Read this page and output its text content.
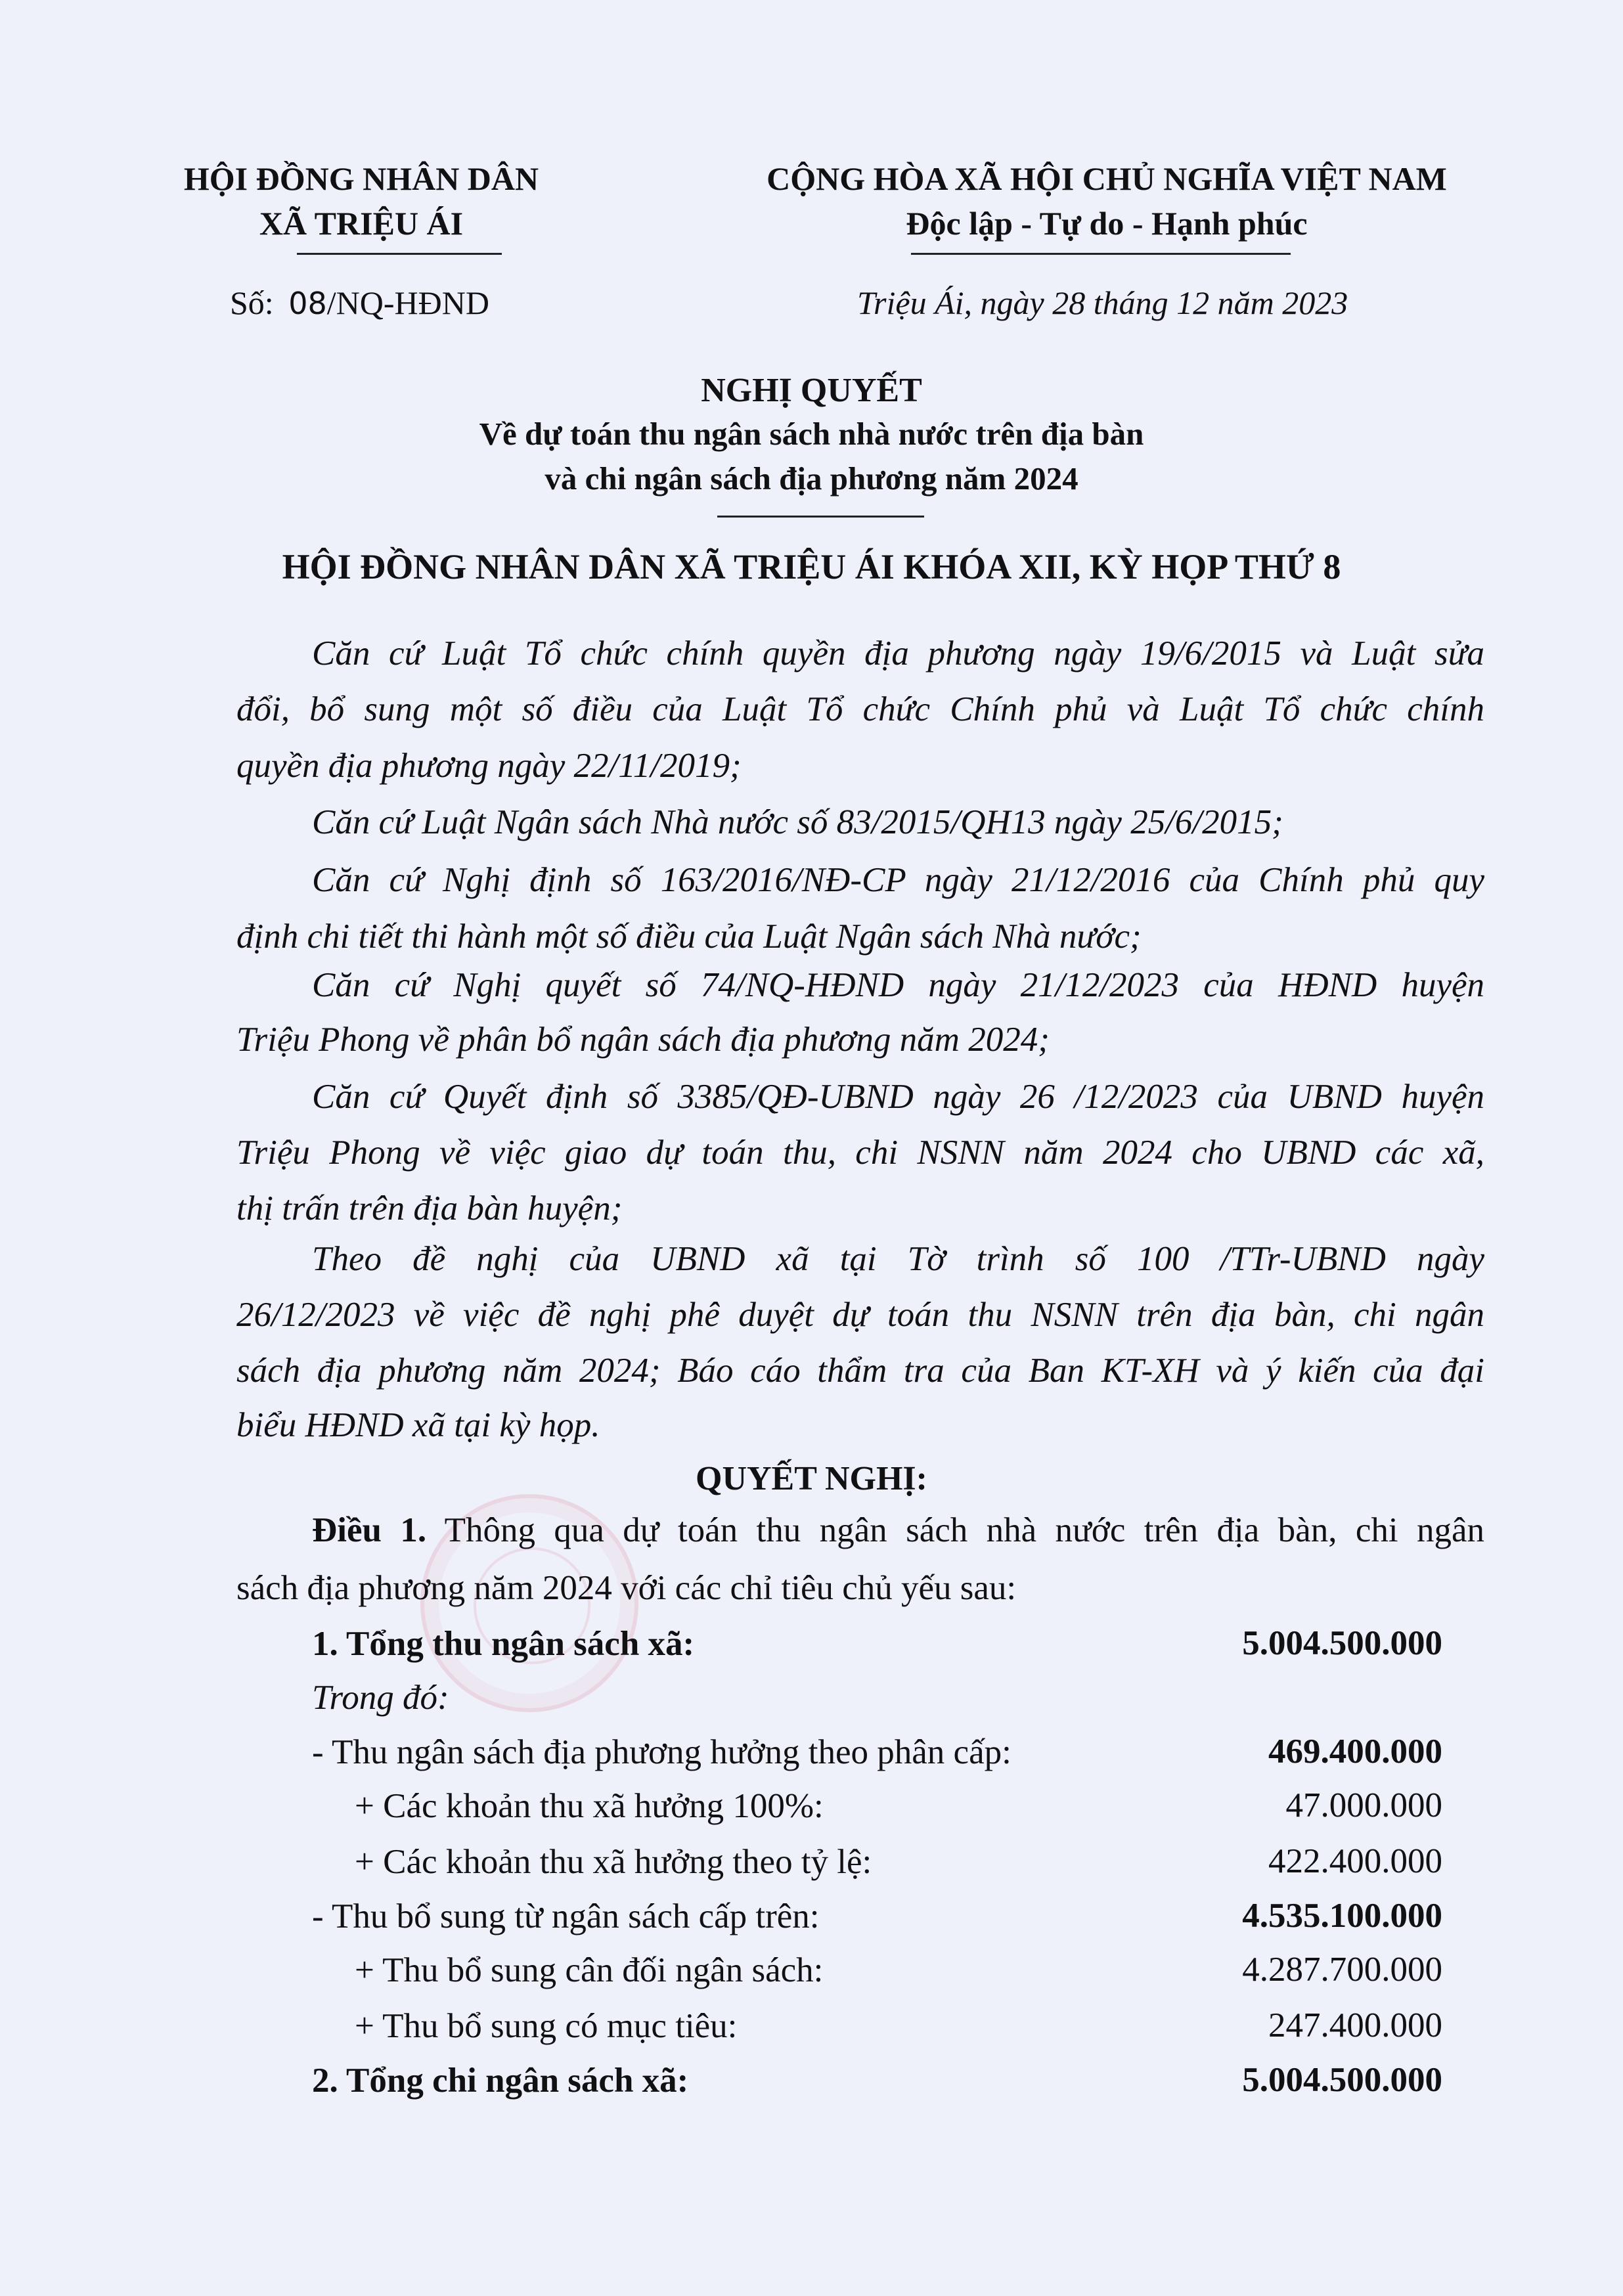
HỘI ĐỒNG NHÂN DÂN
XÃ TRIỆU ÁI
CỘNG HÒA XÃ HỘI CHỦ NGHĨA VIỆT NAM
Độc lập - Tự do - Hạnh phúc
Số: 08/NQ-HĐND	Triệu Ái, ngày 28 tháng 12 năm 2023
NGHỊ QUYẾT
Về dự toán thu ngân sách nhà nước trên địa bàn
và chi ngân sách địa phương năm 2024
HỘI ĐỒNG NHÂN DÂN XÃ TRIỆU ÁI KHÓA XII, KỲ HỌP THỨ 8
Căn cứ Luật Tổ chức chính quyền địa phương ngày 19/6/2015 và Luật sửa
đổi, bổ sung một số điều của Luật Tổ chức Chính phủ và Luật Tổ chức chính
quyền địa phương ngày 22/11/2019;
Căn cứ Luật Ngân sách Nhà nước số 83/2015/QH13 ngày 25/6/2015;
Căn cứ Nghị định số 163/2016/NĐ-CP ngày 21/12/2016 của Chính phủ quy
định chi tiết thi hành một số điều của Luật Ngân sách Nhà nước;
Căn cứ Nghị quyết số 74/NQ-HĐND ngày 21/12/2023 của HĐND huyện
Triệu Phong về phân bổ ngân sách địa phương năm 2024;
Căn cứ Quyết định số 3385/QĐ-UBND ngày 26 /12/2023 của UBND huyện
Triệu Phong về việc giao dự toán thu, chi NSNN năm 2024 cho UBND các xã,
thị trấn trên địa bàn huyện;
Theo đề nghị của UBND xã tại Tờ trình số 100 /TTr-UBND ngày
26/12/2023 về việc đề nghị phê duyệt dự toán thu NSNN trên địa bàn, chi ngân
sách địa phương năm 2024; Báo cáo thẩm tra của Ban KT-XH và ý kiến của đại
biểu HĐND xã tại kỳ họp.
QUYẾT NGHỊ:
Điều 1. Thông qua dự toán thu ngân sách nhà nước trên địa bàn, chi ngân
sách địa phương năm 2024 với các chỉ tiêu chủ yếu sau:
1. Tổng thu ngân sách xã:	5.004.500.000
Trong đó:
- Thu ngân sách địa phương hưởng theo phân cấp:	469.400.000
+ Các khoản thu xã hưởng 100%:	47.000.000
+ Các khoản thu xã hưởng theo tỷ lệ:	422.400.000
- Thu bổ sung từ ngân sách cấp trên:	4.535.100.000
+ Thu bổ sung cân đối ngân sách:	4.287.700.000
+ Thu bổ sung có mục tiêu:	247.400.000
2. Tổng chi ngân sách xã:	5.004.500.000
